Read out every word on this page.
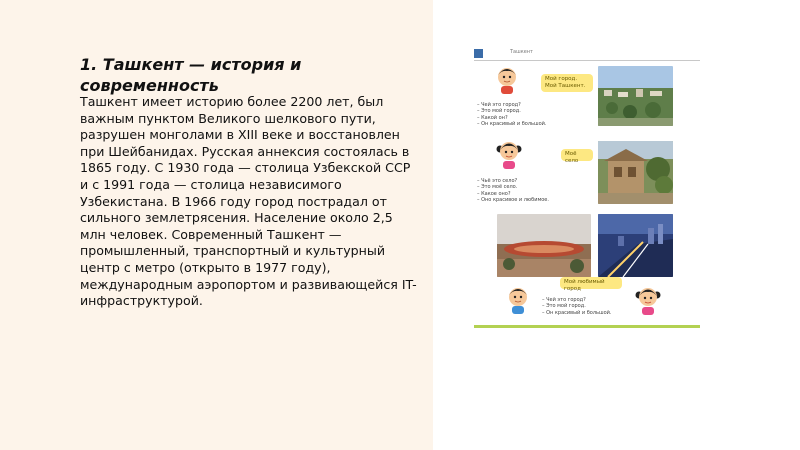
1. Ташкент — история и современность

Ташкент имеет историю более 2200 лет, был важным пунктом Великого шелкового пути, разрушен монголами в XIII веке и восстановлен при Шейбанидах. Русская аннексия состоялась в 1865 году. С 1930 года — столица Узбекской ССР и с 1991 года — столица независимого Узбекистана. В 1966 году город пострадал от сильного землетрясения. Население около 2,5 млн человек. Современный Ташкент — промышленный, транспортный и культурный центр с метро (открыто в 1977 году), международным аэропортом и развивающейся IT-инфраструктурой.

Ташкент
Мой город.
Мой Ташкент.
– Чей это город?
– Это мой город.
– Какой он?
– Он красивый и большой.
Моё село
– Чьё это село?
– Это моё село.
– Какое оно?
– Оно красивое и любимое.
Мой любимый город
– Чей это город?
– Это мой город.
– Он красивый и большой.
